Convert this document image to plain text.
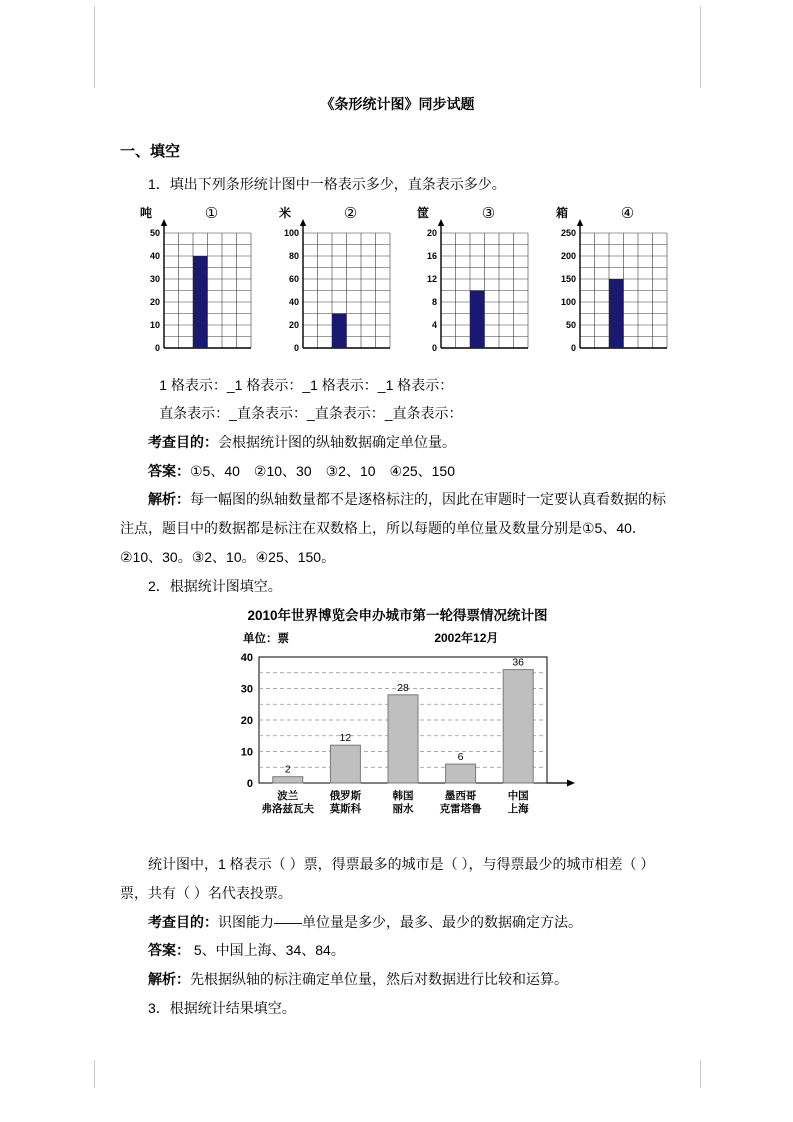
《条形统计图》同步试题
一、填空

1．填出下列条形统计图中一格表示多少，直条表示多少。

吨	①
0
10
20
30
40
50
米	②
0
20
40
60
80
100
筐	③
0
4
8
12
16
20
箱	④
0
50
100
150
200
250

1 格表示：_1 格表示：_1 格表示：_1 格表示：

直条表示：_直条表示：_直条表示：_直条表示：

考查目的：会根据统计图的纵轴数据确定单位量。

答案：①5、40　②10、30　③2、10　④25、150

解析：每一幅图的纵轴数量都不是逐格标注的，因此在审题时一定要认真看数据的标注点，题目中的数据都是标注在双数格上，所以每题的单位量及数量分别是①5、40．②10、30。③2、10。④25、150。

2．根据统计图填空。

2010年世界博览会申办城市第一轮得票情况统计图
单位：票	2002年12月
0
10
20
30
40
2
波兰
弗洛兹瓦夫
12
俄罗斯
莫斯科
28
韩国
丽水
6
墨西哥
克雷塔鲁
36
中国
上海

统计图中，1 格表示（ ）票，得票最多的城市是（ ），与得票最少的城市相差（ ）票，共有（ ）名代表投票。

考查目的：识图能力——单位量是多少，最多、最少的数据确定方法。

答案： 5、中国上海、34、84。

解析：先根据纵轴的标注确定单位量，然后对数据进行比较和运算。

3．根据统计结果填空。
